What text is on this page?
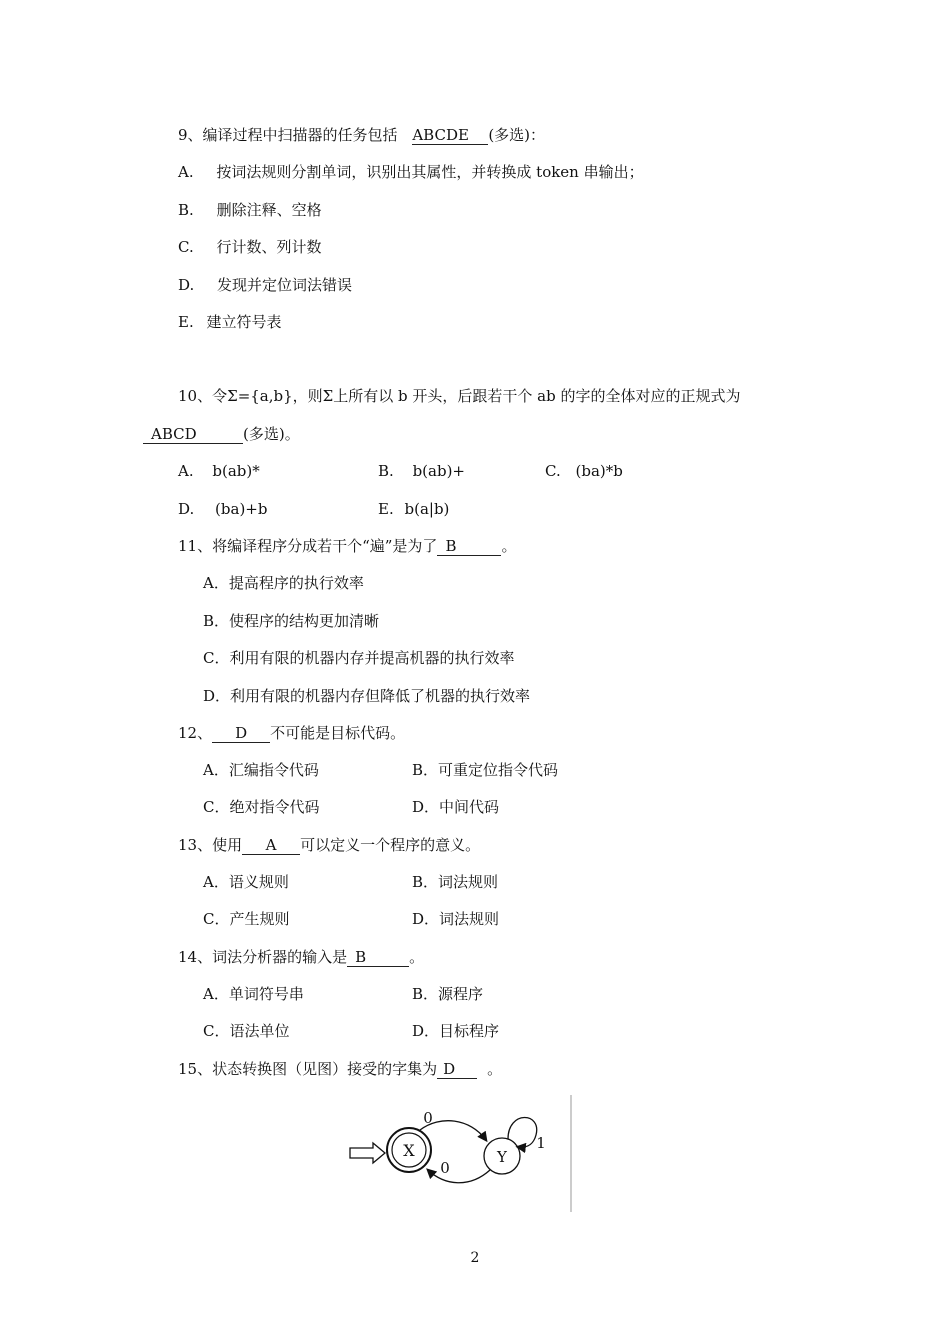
9、编译过程中扫描器的任务包括 ABCDE (多选)：
A. 按词法规则分割单词，识别出其属性，并转换成 token 串输出；
B. 删除注释、空格
C. 行计数、列计数
D. 发现并定位词法错误
E. 建立符号表
10、令Σ={a,b}，则Σ上所有以 b 开头，后跟若干个 ab 的字的全体对应的正规式为
ABCD	(多选)。
A. b(ab)*	B. b(ab)+	C. (ba)*b
D. (ba)+b	E. b(a|b)
11、将编译程序分成若干个“遍”是为了 B	。
A．提高程序的执行效率
B．使程序的结构更加清晰
C．利用有限的机器内存并提高机器的执行效率
D．利用有限的机器内存但降低了机器的执行效率
12、 D 不可能是目标代码。
A．汇编指令代码	B．可重定位指令代码
C．绝对指令代码	D．中间代码
13、使用 A 可以定义一个程序的意义。
A．语义规则	B．词法规则
C．产生规则	D．词法规则
14、词法分析器的输入是 B	。
A．单词符号串	B．源程序
C．语法单位	D．目标程序
15、状态转换图（见图）接受的字集为 D 。
X	Y
0
0
1
2
